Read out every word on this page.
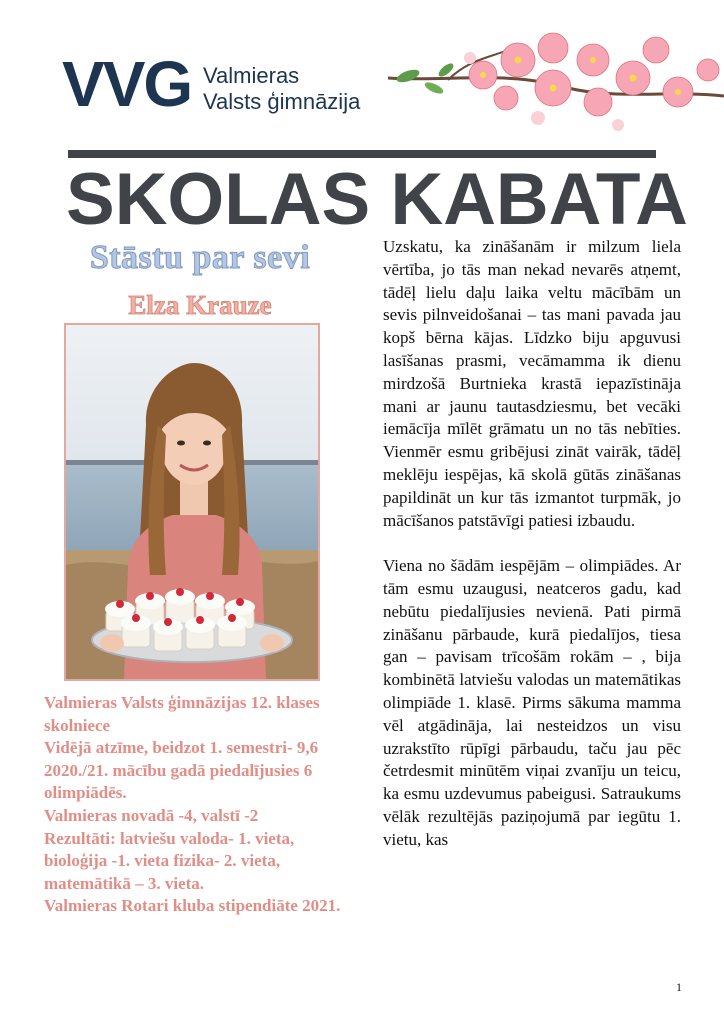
VVG Valmieras
Valsts ģimnāzija
SKOLAS KABATA
Stāstu par sevi
Elza Krauze
Valmieras Valsts ģimnāzijas 12. klases skolniece
Vidējā atzīme, beidzot 1. semestri- 9,6
2020./21. mācību gadā piedalījusies 6 olimpiādēs.
Valmieras novadā -4, valstī -2
Rezultāti: latviešu valoda- 1. vieta, bioloģija -1. vieta fizika- 2. vieta, matemātikā – 3. vieta.
Valmieras Rotari kluba stipendiāte 2021.

Uzskatu, ka zināšanām ir milzum liela vērtība, jo tās man nekad nevarēs atņemt, tādēļ lielu daļu laika veltu mācībām un sevis pilnveidošanai – tas mani pavada jau kopš bērna kājas. Līdzko biju apguvusi lasīšanas prasmi, vecāmamma ik dienu mirdzošā Burtnieka krastā iepazīstināja mani ar jaunu tautasdziesmu, bet vecāki iemācīja mīlēt grāmatu un no tās nebīties. Vienmēr esmu gribējusi zināt vairāk, tādēļ meklēju iespējas, kā skolā gūtās zināšanas papildināt un kur tās izmantot turpmāk, jo mācīšanos patstāvīgi patiesi izbaudu.

Viena no šādām iespējām – olimpiādes. Ar tām esmu uzaugusi, neatceros gadu, kad nebūtu piedalījusies nevienā. Pati pirmā zināšanu pārbaude, kurā piedalījos, tiesa gan – pavisam trīcošām rokām – , bija kombinētā latviešu valodas un matemātikas olimpiāde 1. klasē. Pirms sākuma mamma vēl atgādināja, lai nesteidzos un visu uzrakstīto rūpīgi pārbaudu, taču jau pēc četrdesmit minūtēm viņai zvanīju un teicu, ka esmu uzdevumus pabeigusi. Satraukums vēlāk rezultējās paziņojumā par iegūtu 1. vietu, kas

1
